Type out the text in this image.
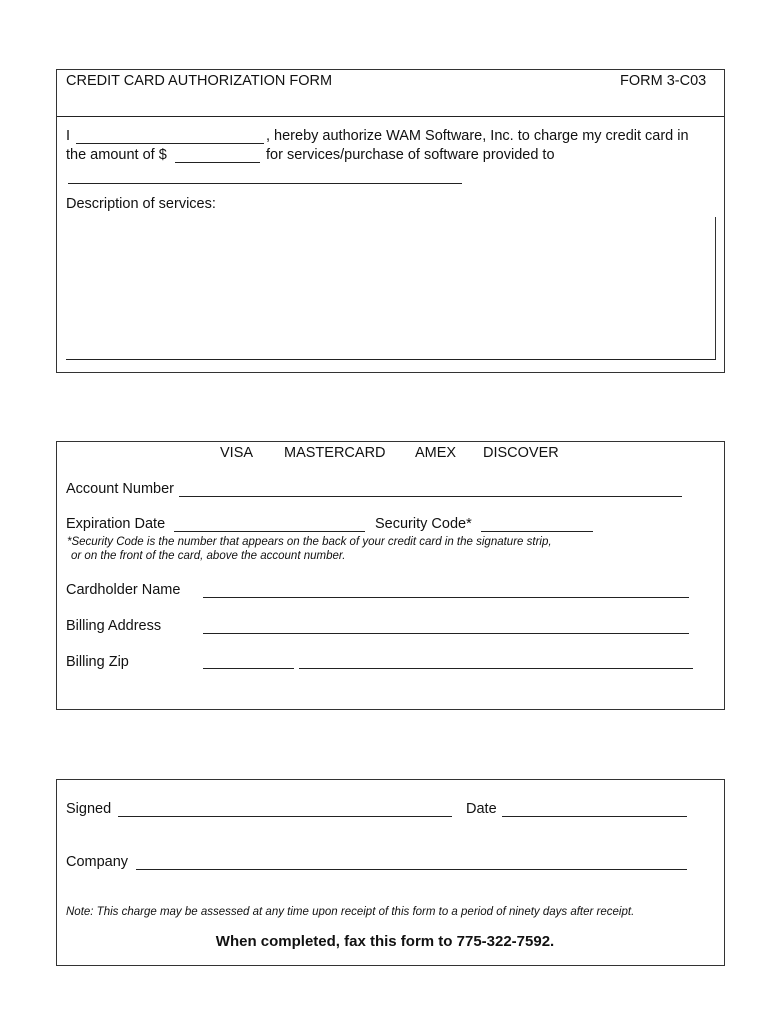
CREDIT CARD AUTHORIZATION FORM	FORM 3-C03
I	, hereby authorize WAM Software, Inc. to charge my credit card in
the amount of $	for services/purchase of software provided to
Description of services:
VISA MASTERCARD AMEX DISCOVER
Account Number
Expiration Date	Security Code*
*Security Code is the number that appears on the back of your credit card in the signature strip,
or on the front of the card, above the account number.
Cardholder Name
Billing Address
Billing Zip
Signed	Date
Company
Note: This charge may be assessed at any time upon receipt of this form to a period of ninety days after receipt.
When completed, fax this form to 775-322-7592.
